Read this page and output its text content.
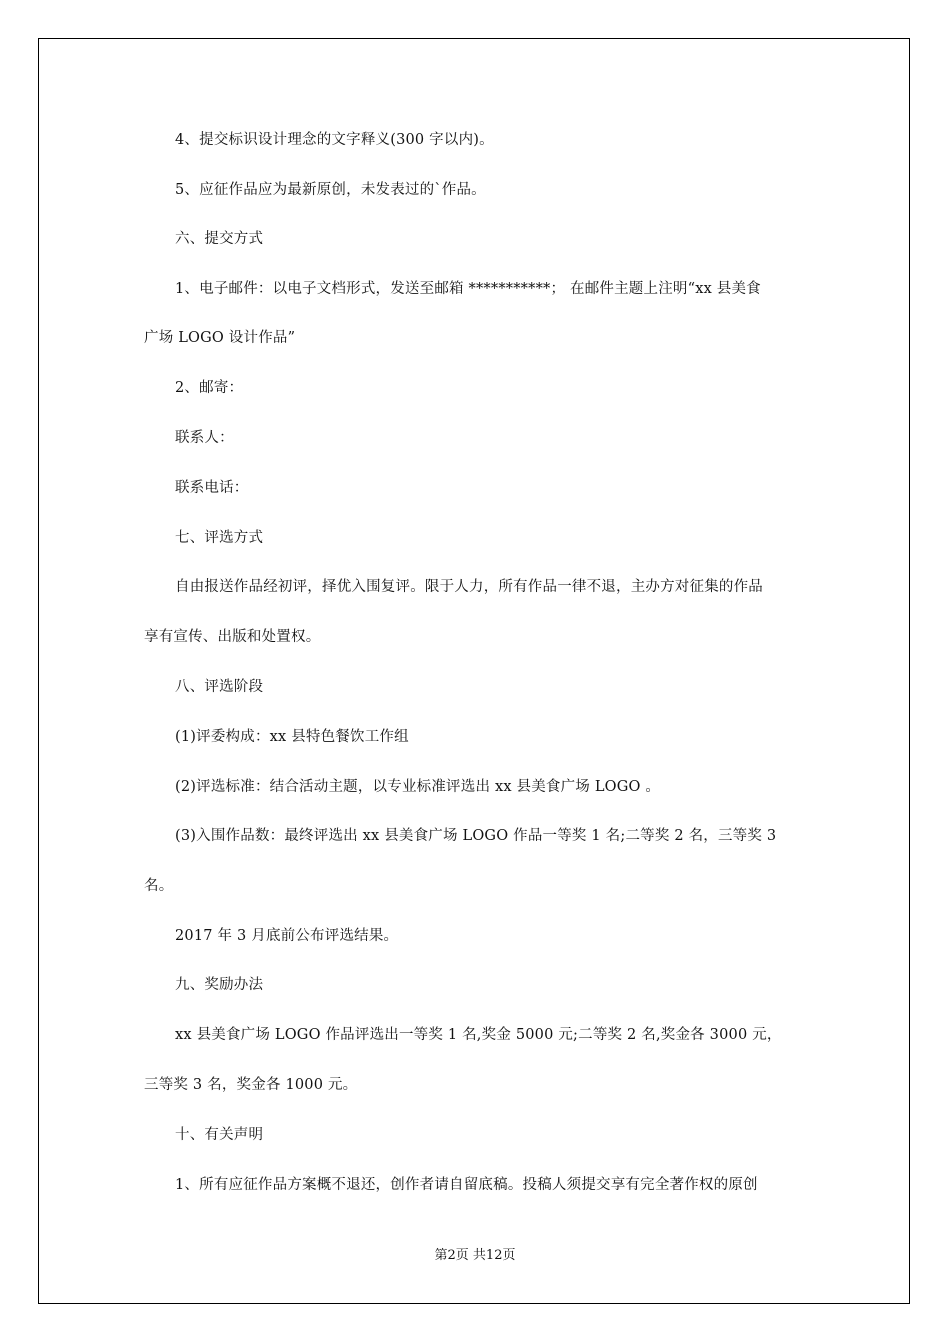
4、提交标识设计理念的文字释义(300 字以内)。
5、应征作品应为最新原创，未发表过的`作品。
六、提交方式
1、电子邮件：以电子文档形式，发送至邮箱 ***********； 在邮件主题上注明“xx 县美食
广场 LOGO 设计作品”
2、邮寄：
联系人：
联系电话：
七、评选方式
自由报送作品经初评，择优入围复评。限于人力，所有作品一律不退，主办方对征集的作品
享有宣传、出版和处置权。
八、评选阶段
(1)评委构成：xx 县特色餐饮工作组
(2)评选标准：结合活动主题，以专业标准评选出 xx 县美食广场 LOGO 。
(3)入围作品数：最终评选出 xx 县美食广场 LOGO 作品一等奖 1 名;二等奖 2 名，三等奖 3
名。
2017 年 3 月底前公布评选结果。
九、奖励办法
xx 县美食广场 LOGO 作品评选出一等奖 1 名,奖金 5000 元;二等奖 2 名,奖金各 3000 元，
三等奖 3 名，奖金各 1000 元。
十、有关声明
1、所有应征作品方案概不退还，创作者请自留底稿。投稿人须提交享有完全著作权的原创
第2页 共12页
